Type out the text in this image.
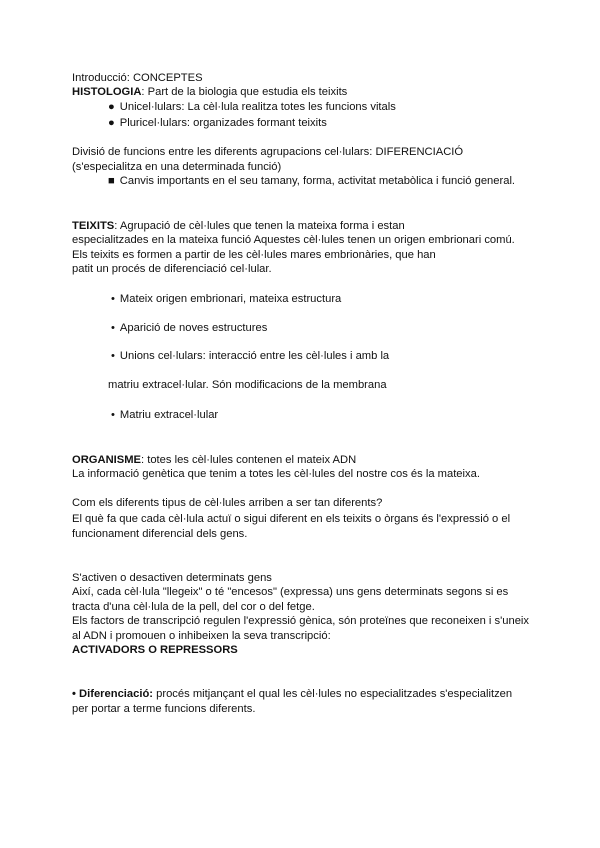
Introducció: CONCEPTES
HISTOLOGIA: Part de la biologia que estudia els teixits
● Unicel·lulars: La cèl·lula realitza totes les funcions vitals
● Pluricel·lulars: organizades formant teixits
Divisió de funcions entre les diferents agrupacions cel·lulars: DIFERENCIACIÓ
(s'especialitza en una determinada funció)
■ Canvis importants en el seu tamany, forma, activitat metabòlica i funció general.
TEIXITS: Agrupació de cèl·lules que tenen la mateixa forma i estan
especialitzades en la mateixa funció Aquestes cèl·lules tenen un origen embrionari comú.
Els teixits es formen a partir de les cèl·lules mares embrionàries, que han
patit un procés de diferenciació cel·lular.
• Mateix origen embrionari, mateixa estructura
• Aparició de noves estructures
• Unions cel·lulars: interacció entre les cèl·lules i amb la
matriu extracel·lular. Són modificacions de la membrana
• Matriu extracel·lular
ORGANISME: totes les cèl·lules contenen el mateix ADN
La informació genètica que tenim a totes les cèl·lules del nostre cos és la mateixa.
Com els diferents tipus de cèl·lules arriben a ser tan diferents?
El què fa que cada cèl·lula actuï o sigui diferent en els teixits o òrgans és l'expressió o el
funcionament diferencial dels gens.
S'activen o desactiven determinats gens
Així, cada cèl·lula "llegeix" o té "encesos" (expressa) uns gens determinats segons si es
tracta d'una cèl·lula de la pell, del cor o del fetge.
Els factors de transcripció regulen l'expressió gènica, són proteïnes que reconeixen i s'uneix
al ADN i promouen o inhibeixen la seva transcripció:
ACTIVADORS O REPRESSORS
• Diferenciació: procés mitjançant el qual les cèl·lules no especialitzades s'especialitzen
per portar a terme funcions diferents.
